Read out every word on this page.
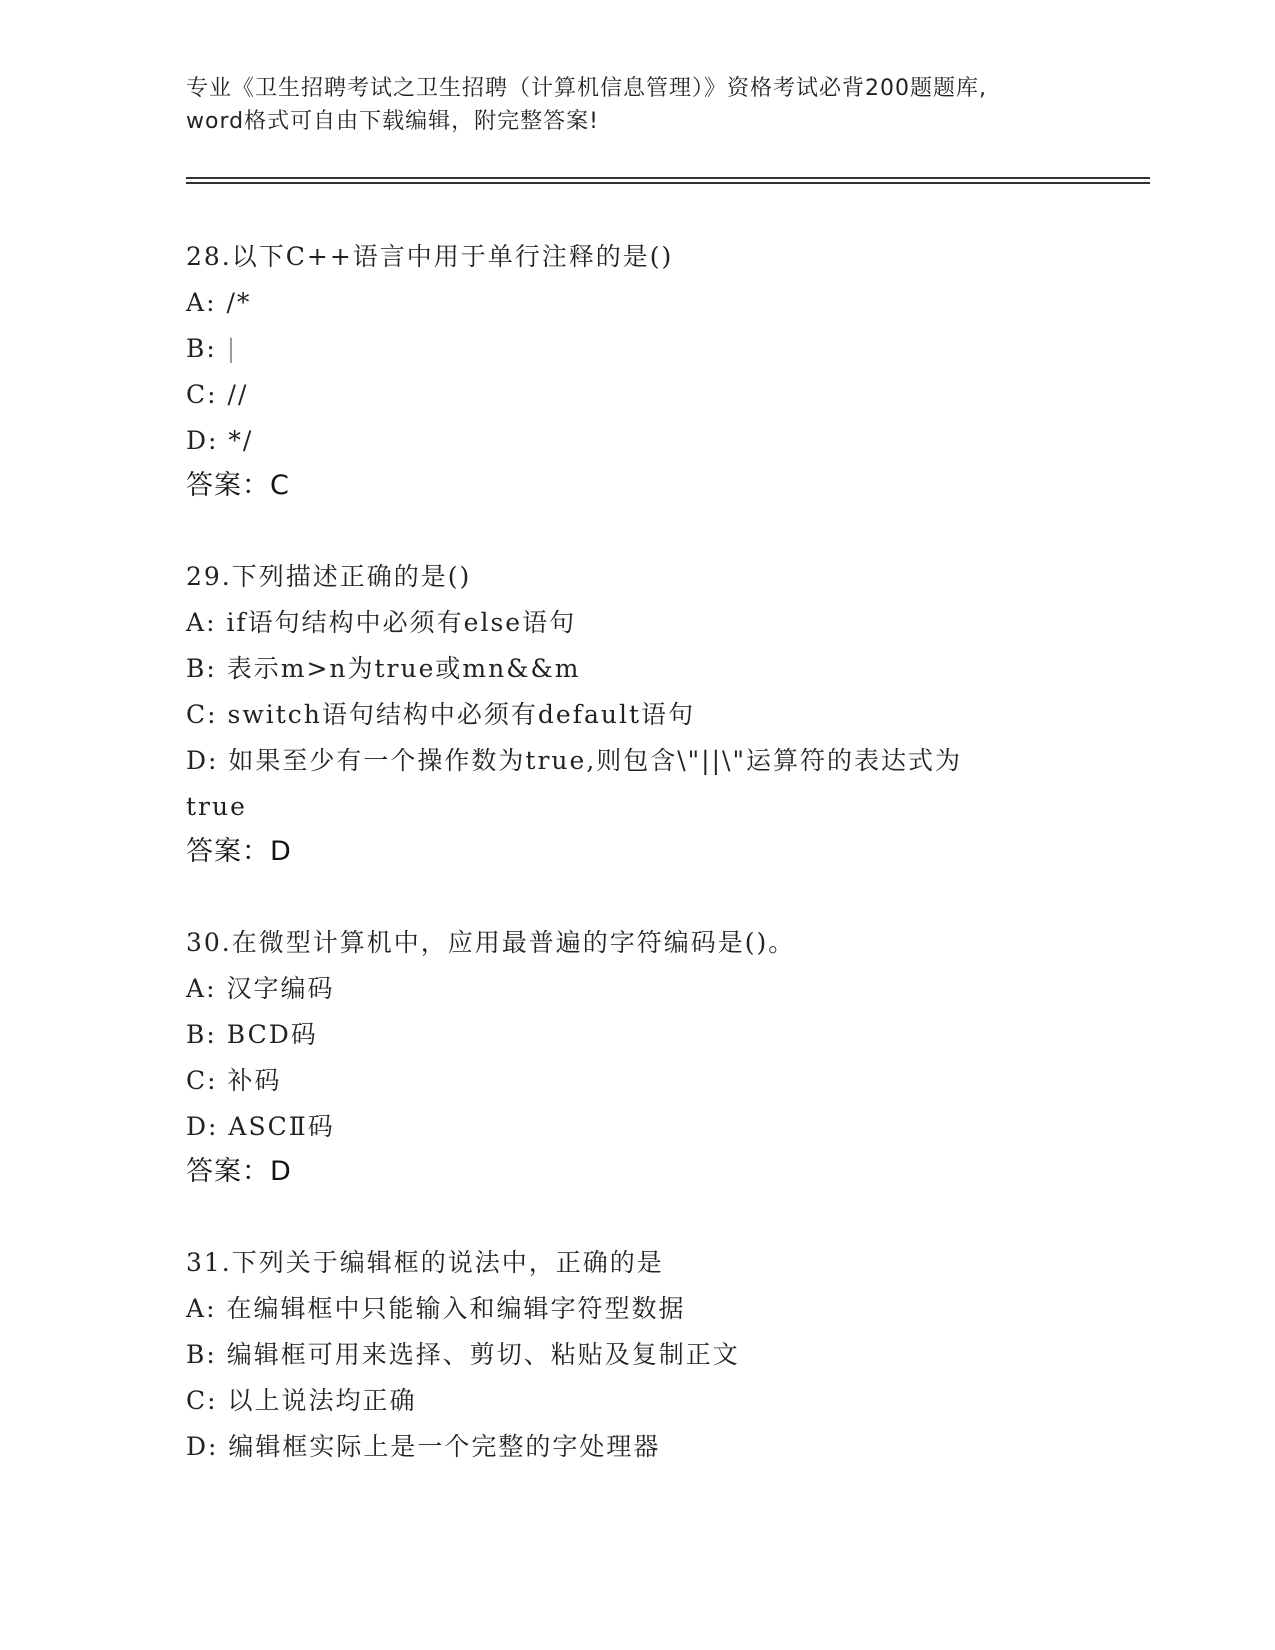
专业《卫生招聘考试之卫生招聘（计算机信息管理）》资格考试必背200题题库,
word格式可自由下载编辑，附完整答案!
28.以下C++语言中用于单行注释的是()
A: /*
B: |
C: //
D: */
答案：C
29.下列描述正确的是()
A: if语句结构中必须有else语句
B: 表示m>n为true或mn&&m
C: switch语句结构中必须有default语句
D: 如果至少有一个操作数为true,则包含\"||\"运算符的表达式为
true
答案：D
30.在微型计算机中，应用最普遍的字符编码是()。
A: 汉字编码
B: BCD码
C: 补码
D: ASCⅡ码
答案：D
31.下列关于编辑框的说法中，正确的是
A: 在编辑框中只能输入和编辑字符型数据
B: 编辑框可用来选择、剪切、粘贴及复制正文
C: 以上说法均正确
D: 编辑框实际上是一个完整的字处理器
